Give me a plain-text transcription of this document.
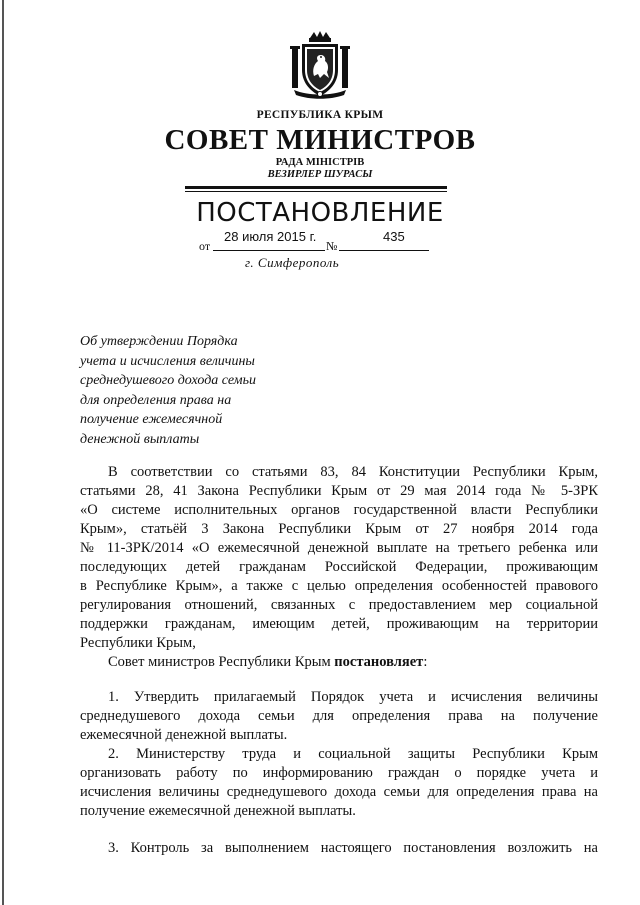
РЕСПУБЛИКА КРЫМ
СОВЕТ МИНИСТРОВ
РАДА МІНІСТРІВ
ВЕЗИРЛЕР ШУРАСЫ
ПОСТАНОВЛЕНИЕ
от
28 июля 2015 г.
№
435
г. Симферополь
Об утверждении Порядка
учета и исчисления величины
среднедушевого дохода семьи
для определения права на
получение ежемесячной
денежной выплаты
В соответствии со статьями 83, 84 Конституции Республики Крым,
статьями 28, 41 Закона Республики Крым от 29 мая 2014 года № 5-ЗРК
«О системе исполнительных органов государственной власти Республики
Крым», статьёй 3 Закона Республики Крым от 27 ноября 2014 года
№ 11-ЗРК/2014 «О ежемесячной денежной выплате на третьего ребенка или
последующих детей гражданам Российской Федерации, проживающим
в Республике Крым», а также с целью определения особенностей правового
регулирования отношений, связанных с предоставлением мер социальной
поддержки гражданам, имеющим детей, проживающим на территории
Республики Крым,
Совет министров Республики Крым постановляет:
1. Утвердить прилагаемый Порядок учета и исчисления величины
среднедушевого дохода семьи для определения права на получение
ежемесячной денежной выплаты.
2. Министерству труда и социальной защиты Республики Крым
организовать работу по информированию граждан о порядке учета и
исчисления величины среднедушевого дохода семьи для определения права на
получение ежемесячной денежной выплаты.
3. Контроль за выполнением настоящего постановления возложить на
